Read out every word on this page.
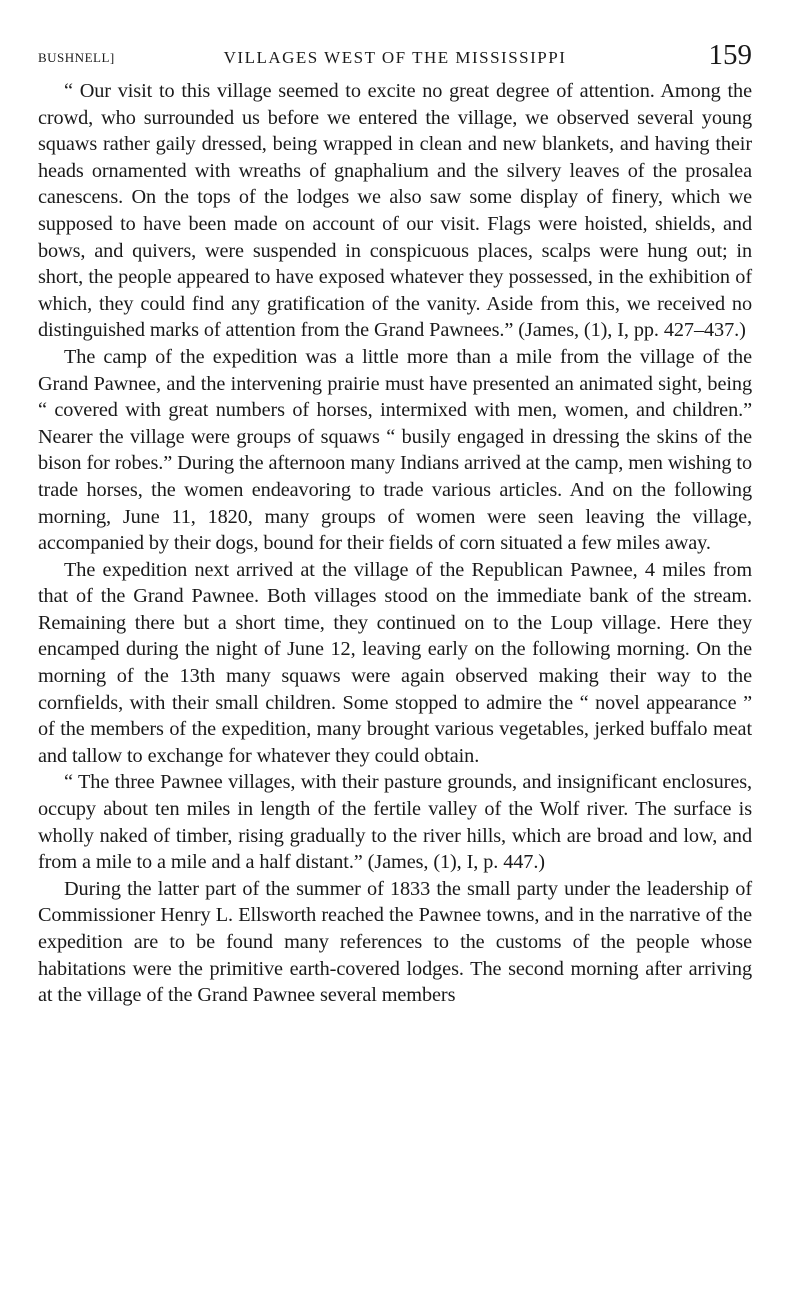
BUSHNELL]	VILLAGES WEST OF THE MISSISSIPPI	159

“ Our visit to this village seemed to excite no great degree of attention. Among the crowd, who surrounded us before we entered the village, we observed several young squaws rather gaily dressed, being wrapped in clean and new blankets, and having their heads ornamented with wreaths of gnaphalium and the silvery leaves of the prosalea canescens. On the tops of the lodges we also saw some display of finery, which we supposed to have been made on account of our visit. Flags were hoisted, shields, and bows, and quivers, were suspended in conspicuous places, scalps were hung out; in short, the people appeared to have exposed whatever they possessed, in the exhibition of which, they could find any gratification of the vanity. Aside from this, we received no distinguished marks of attention from the Grand Pawnees.” (James, (1), I, pp. 427–437.)

The camp of the expedition was a little more than a mile from the village of the Grand Pawnee, and the intervening prairie must have presented an animated sight, being “ covered with great numbers of horses, intermixed with men, women, and children.” Nearer the village were groups of squaws “ busily engaged in dressing the skins of the bison for robes.” During the afternoon many Indians arrived at the camp, men wishing to trade horses, the women endeavoring to trade various articles. And on the following morning, June 11, 1820, many groups of women were seen leaving the village, accompanied by their dogs, bound for their fields of corn situated a few miles away.

The expedition next arrived at the village of the Republican Pawnee, 4 miles from that of the Grand Pawnee. Both villages stood on the immediate bank of the stream. Remaining there but a short time, they continued on to the Loup village. Here they encamped during the night of June 12, leaving early on the following morning. On the morning of the 13th many squaws were again observed making their way to the cornfields, with their small children. Some stopped to admire the “ novel appearance ” of the members of the expedition, many brought various vegetables, jerked buffalo meat and tallow to exchange for whatever they could obtain.

“ The three Pawnee villages, with their pasture grounds, and insignificant enclosures, occupy about ten miles in length of the fertile valley of the Wolf river. The surface is wholly naked of timber, rising gradually to the river hills, which are broad and low, and from a mile to a mile and a half distant.” (James, (1), I, p. 447.)

During the latter part of the summer of 1833 the small party under the leadership of Commissioner Henry L. Ellsworth reached the Pawnee towns, and in the narrative of the expedition are to be found many references to the customs of the people whose habitations were the primitive earth-covered lodges. The second morning after arriving at the village of the Grand Pawnee several members
